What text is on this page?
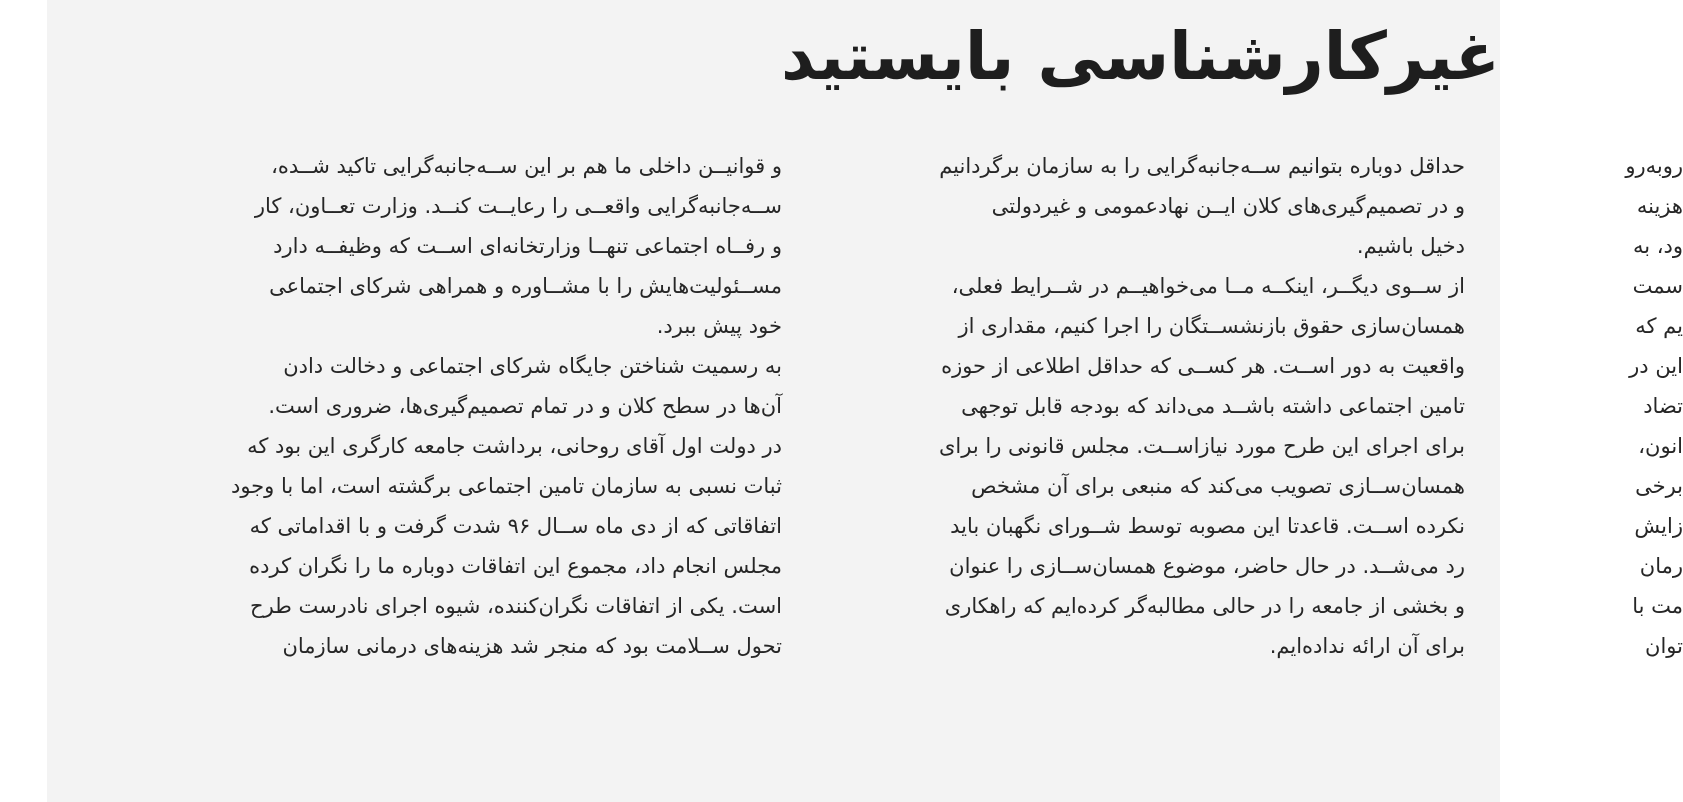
غیرکارشناسی بایستید

و قوانیــن داخلی ما هم بر این ســه‌جانبه‌گرایی تاکید شــده،

ســه‌جانبه‌گرایی واقعــی را رعایــت کنــد. وزارت تعــاون، کار

و رفــاه اجتماعی تنهــا وزارتخانه‌ای اســت که وظیفــه دارد

مســئولیت‌هایش را با مشــاوره و همراهی شرکای اجتماعی

خود پیش ببرد.

به رسمیت شناختن جایگاه شرکای اجتماعی و دخالت دادن

آن‌ها در سطح کلان و در تمام تصمیم‌گیری‌ها، ضروری است.

در دولت اول آقای روحانی، برداشت جامعه کارگری این بود که

ثبات نسبی به سازمان تامین اجتماعی برگشته است، اما با وجود

اتفاقاتی که از دی ماه ســال ۹۶ شدت گرفت و با اقداماتی که

مجلس انجام داد، مجموع این اتفاقات دوباره ما را نگران کرده

است. یکی از اتفاقات نگران‌کننده، شیوه اجرای نادرست طرح

تحول ســلامت بود که منجر شد هزینه‌های درمانی سازمان

حداقل دوباره بتوانیم ســه‌جانبه‌گرایی را به سازمان برگردانیم

و در تصمیم‌گیری‌های کلان ایــن نهادعمومی و غیردولتی

دخیل باشیم.

از ســوی دیگــر، اینکــه مــا می‌خواهیــم در شــرایط فعلی،

همسان‌سازی حقوق بازنشســتگان را اجرا کنیم، مقداری از

واقعیت به دور اســت. هر کســی که حداقل اطلاعی از حوزه

تامین اجتماعی داشته باشــد می‌داند که بودجه قابل توجهی

برای اجرای این طرح مورد نیازاســت. مجلس قانونی را برای

همسان‌ســازی تصویب می‌کند که منبعی برای آن مشخص

نکرده اســت. قاعدتا این مصوبه توسط شــورای نگهبان باید

رد می‌شــد. در حال حاضر، موضوع همسان‌ســازی را عنوان

و بخشی از جامعه را در حالی مطالبه‌گر کرده‌ایم که راهکاری

برای آن ارائه نداده‌ایم.

روبه‌رو

هزینه

ود، به

سمت

یم که

این در

تضاد

انون،

برخی

زایش

رمان

مت با

توان
